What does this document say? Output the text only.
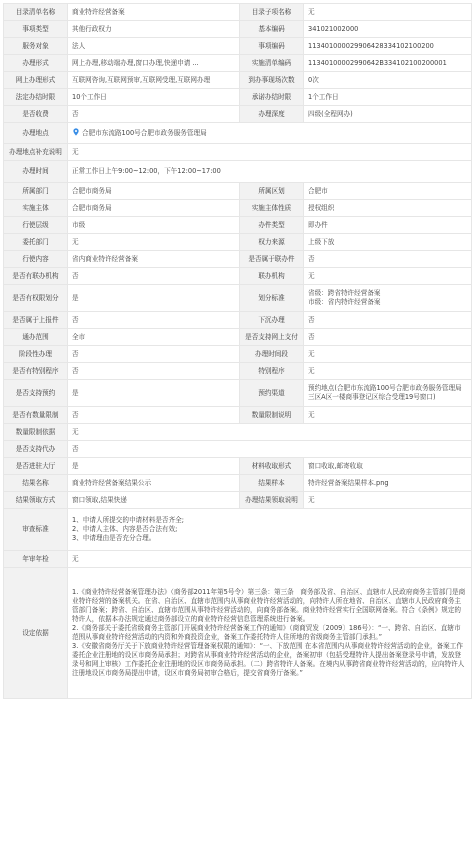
目录清单名称	商业特许经营备案	目录子项名称	无
事项类型	其他行政权力	基本编码	341021002000
服务对象	法人	事项编码	113401000029906428334102100200
办理形式	网上办理,移动端办理,窗口办理,快递申请 ...	实施清单编码	11340100002990642B334102100200001
网上办理形式	互联网咨询,互联网预审,互联网受理,互联网办理	到办事现场次数	0次
法定办结时限	10个工作日	承诺办结时限	1个工作日
是否收费	否	办理深度	四级(全程网办)
办理地点	合肥市东流路100号合肥市政务服务管理局		
办理地点补充说明	无		
办理时间	正常工作日上午9:00~12:00，下午12:00~17:00		
所属部门	合肥市商务局	所属区划	合肥市
实施主体	合肥市商务局	实施主体性质	授权组织
行使层级	市级	办件类型	即办件
委托部门	无	权力来源	上级下放
行使内容	省内商业特许经营备案	是否属于联办件	否
是否有联办机构	否	联办机构	无
是否有权限划分	是	划分标准	省级：跨省特许经营备案
市级：省内特许经营备案

是否属于上报件	否	下沉办理	否
通办范围	全市	是否支持网上支付	否
阶段性办理	否	办理时间段	无
是否有特别程序	否	特别程序	无
是否支持预约	是	预约渠道	预约地点(合肥市东流路100号合肥市政务服务管理局三区A区一楼商事登记区综合受理19号窗口)
是否有数量限制	否	数量限制说明	无
数量限制依据	无		
是否支持代办	否		
是否进驻大厅	是	材料收取形式	窗口收取,邮寄收取
结果名称	商业特许经营备案结果公示	结果样本	特许经营备案结果样本.png
结果领取方式	窗口领取,结果快递	办理结果领取说明	无
审查标准	1、申请人所提交的申请材料是否齐全;
2、申请人主体、内容是否合法有效;
3、申请理由是否充分合理。		

年审年检	无		
设定依据	1.《商业特许经营备案管理办法》（商务部2011年第5号令）第三条：第三条　商务部及省、自治区、直辖市人民政府商务主管部门是商业特许经营的备案机关。在省、自治区、直辖市范围内从事商业特许经营活动的，向特许人所在地省、自治区、直辖市人民政府商务主管部门备案；跨省、自治区、直辖市范围从事特许经营活动的，向商务部备案。商业特许经营实行全国联网备案。符合《条例》规定的特许人，依据本办法规定通过商务部设立的商业特许经营信息管理系统进行备案。
2.《商务部关于委托省级商务主管部门开展商业特许经营备案工作的通知》（商商贸发〔2009〕186号）：“一、跨省、自治区、直辖市范围从事商业特许经营活动的内资和外商投资企业，备案工作委托特许人住所地的省级商务主管部门承担。”
3.《安徽省商务厅关于下放商业特许经营管理备案权限的通知》：“一、下放范围 在本省范围内从事商业特许经营活动的企业，备案工作委托企业注册地的设区市商务局承担；对跨省从事商业特许经营活动的企业，备案初审（包括受理特许人提出备案登录号申请，发放登录号和网上审核）工作委托企业注册地的设区市商务局承担。（二）跨省特许人备案。在境内从事跨省商业特许经营活动的，应向特许人注册地设区市商务局提出申请，设区市商务局初审合格后，提交省商务厅备案。”		
